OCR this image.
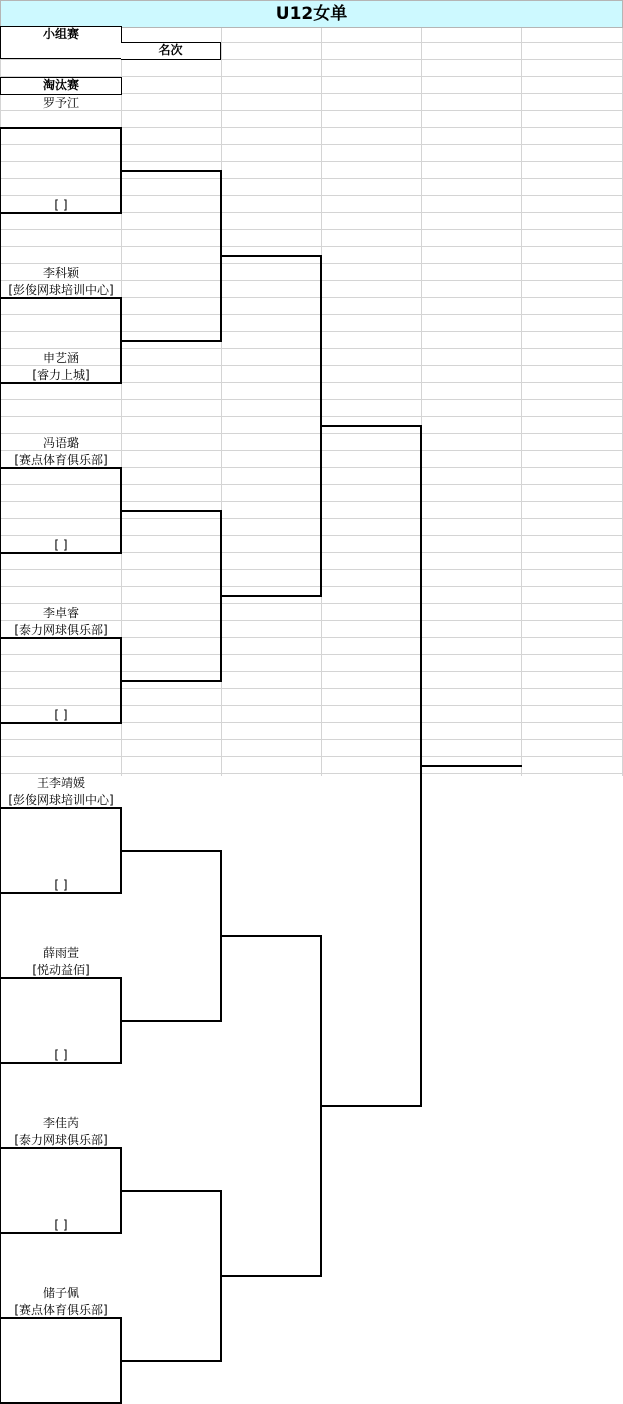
U12女单
小组赛
名次
淘汰赛
罗予江
[ ]
李科颖
[彭俊网球培训中心]
申艺涵
[睿力上城]
冯语璐
[赛点体育俱乐部]
[ ]
李卓睿
[泰力网球俱乐部]
[ ]
王李靖媛
[彭俊网球培训中心]
[ ]
薛雨萱
[悦动益佰]
[ ]
李佳芮
[泰力网球俱乐部]
[ ]
储子佩
[赛点体育俱乐部]
